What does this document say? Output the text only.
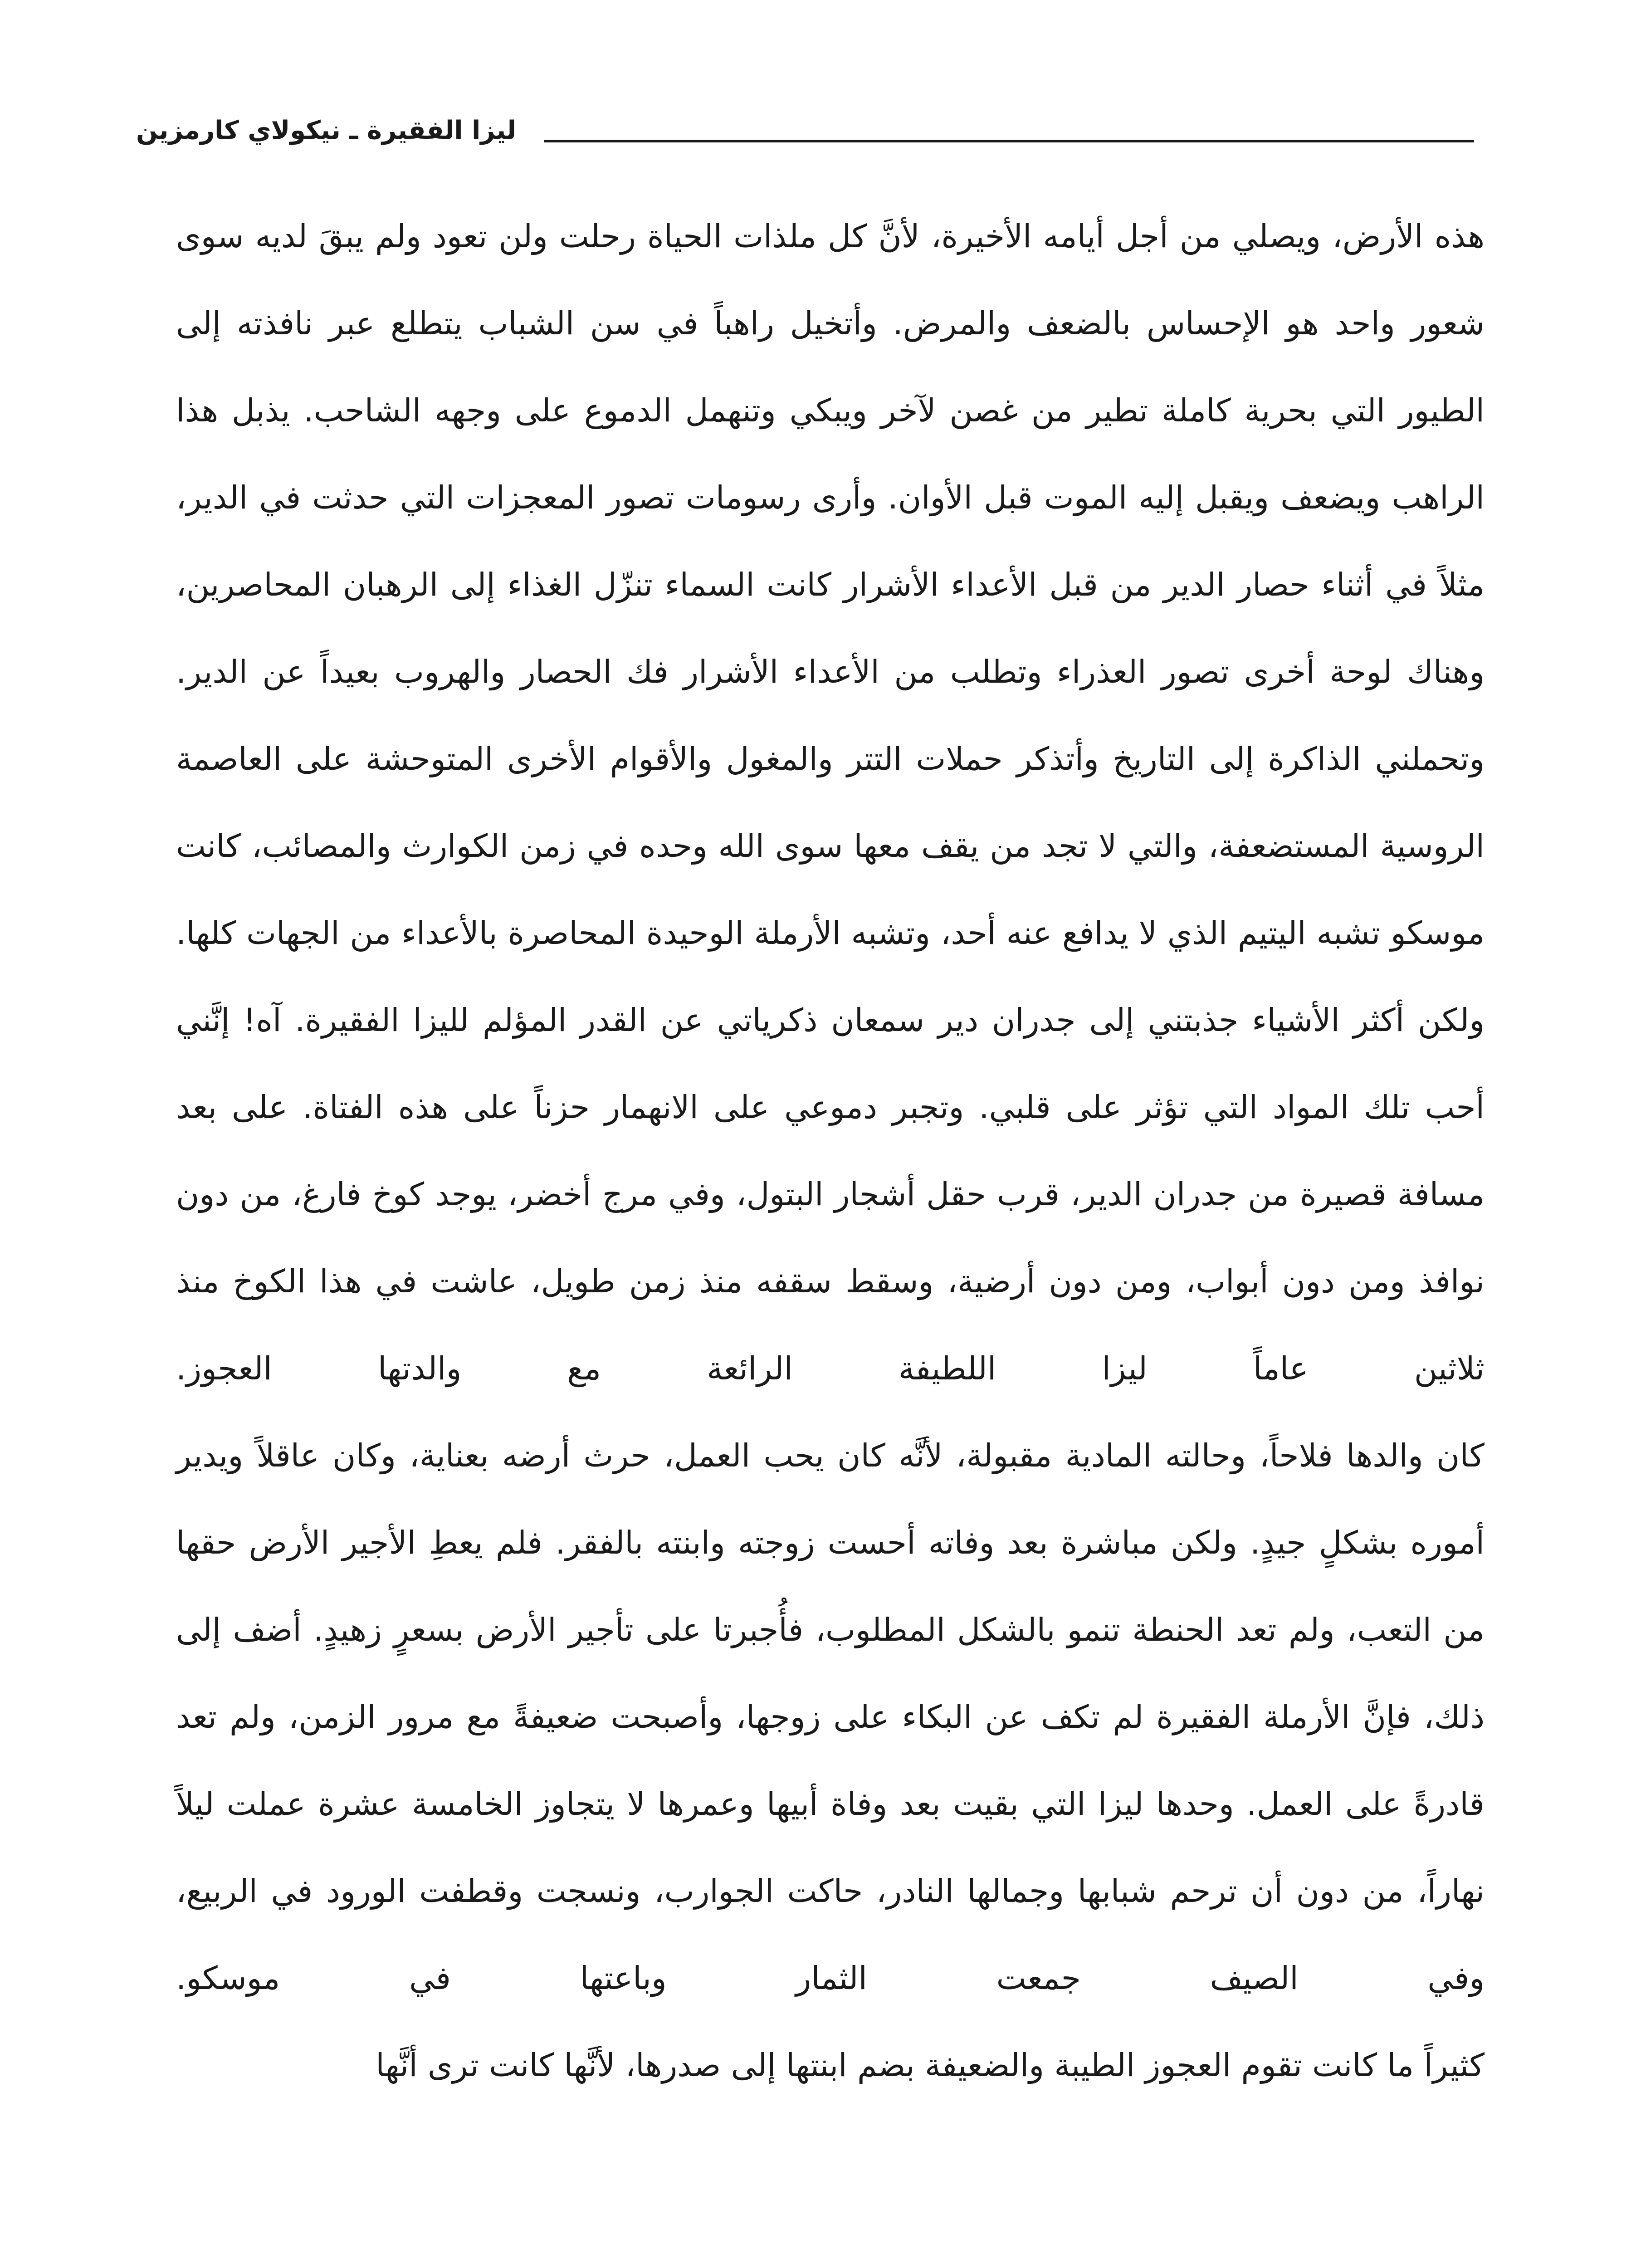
ليزا الفقيرة ـ نيكولاي كارمزين

هذه الأرض، ويصلي من أجل أيامه الأخيرة، لأنَّ كل ملذات الحياة رحلت ولن تعود ولم يبقَ لديه سوى شعور واحد هو الإحساس بالضعف والمرض. وأتخيل راهباً في سن الشباب يتطلع عبر نافذته إلى الطيور التي بحرية كاملة تطير من غصن لآخر ويبكي وتنهمل الدموع على وجهه الشاحب. يذبل هذا الراهب ويضعف ويقبل إليه الموت قبل الأوان. وأرى رسومات تصور المعجزات التي حدثت في الدير، مثلاً في أثناء حصار الدير من قبل الأعداء الأشرار كانت السماء تنزّل الغذاء إلى الرهبان المحاصرين، وهناك لوحة أخرى تصور العذراء وتطلب من الأعداء الأشرار فك الحصار والهروب بعيداً عن الدير. وتحملني الذاكرة إلى التاريخ وأتذكر حملات التتر والمغول والأقوام الأخرى المتوحشة على العاصمة الروسية المستضعفة، والتي لا تجد من يقف معها سوى الله وحده في زمن الكوارث والمصائب، كانت موسكو تشبه اليتيم الذي لا يدافع عنه أحد، وتشبه الأرملة الوحيدة المحاصرة بالأعداء من الجهات كلها.

ولكن أكثر الأشياء جذبتني إلى جدران دير سمعان ذكرياتي عن القدر المؤلم لليزا الفقيرة. آه! إنَّني أحب تلك المواد التي تؤثر على قلبي. وتجبر دموعي على الانهمار حزناً على هذه الفتاة. على بعد مسافة قصيرة من جدران الدير، قرب حقل أشجار البتول، وفي مرج أخضر، يوجد كوخ فارغ، من دون نوافذ ومن دون أبواب، ومن دون أرضية، وسقط سقفه منذ زمن طويل، عاشت في هذا الكوخ منذ ثلاثين عاماً ليزا اللطيفة الرائعة مع والدتها العجوز.

كان والدها فلاحاً، وحالته المادية مقبولة، لأنَّه كان يحب العمل، حرث أرضه بعناية، وكان عاقلاً ويدير أموره بشكلٍ جيدٍ. ولكن مباشرة بعد وفاته أحست زوجته وابنته بالفقر. فلم يعطِ الأجير الأرض حقها من التعب، ولم تعد الحنطة تنمو بالشكل المطلوب، فأُجبرتا على تأجير الأرض بسعرٍ زهيدٍ. أضف إلى ذلك، فإنَّ الأرملة الفقيرة لم تكف عن البكاء على زوجها، وأصبحت ضعيفةً مع مرور الزمن، ولم تعد قادرةً على العمل. وحدها ليزا التي بقيت بعد وفاة أبيها وعمرها لا يتجاوز الخامسة عشرة عملت ليلاً نهاراً، من دون أن ترحم شبابها وجمالها النادر، حاكت الجوارب، ونسجت وقطفت الورود في الربيع، وفي الصيف جمعت الثمار وباعتها في موسكو.

كثيراً ما كانت تقوم العجوز الطيبة والضعيفة بضم ابنتها إلى صدرها، لأنَّها كانت ترى أنَّها
